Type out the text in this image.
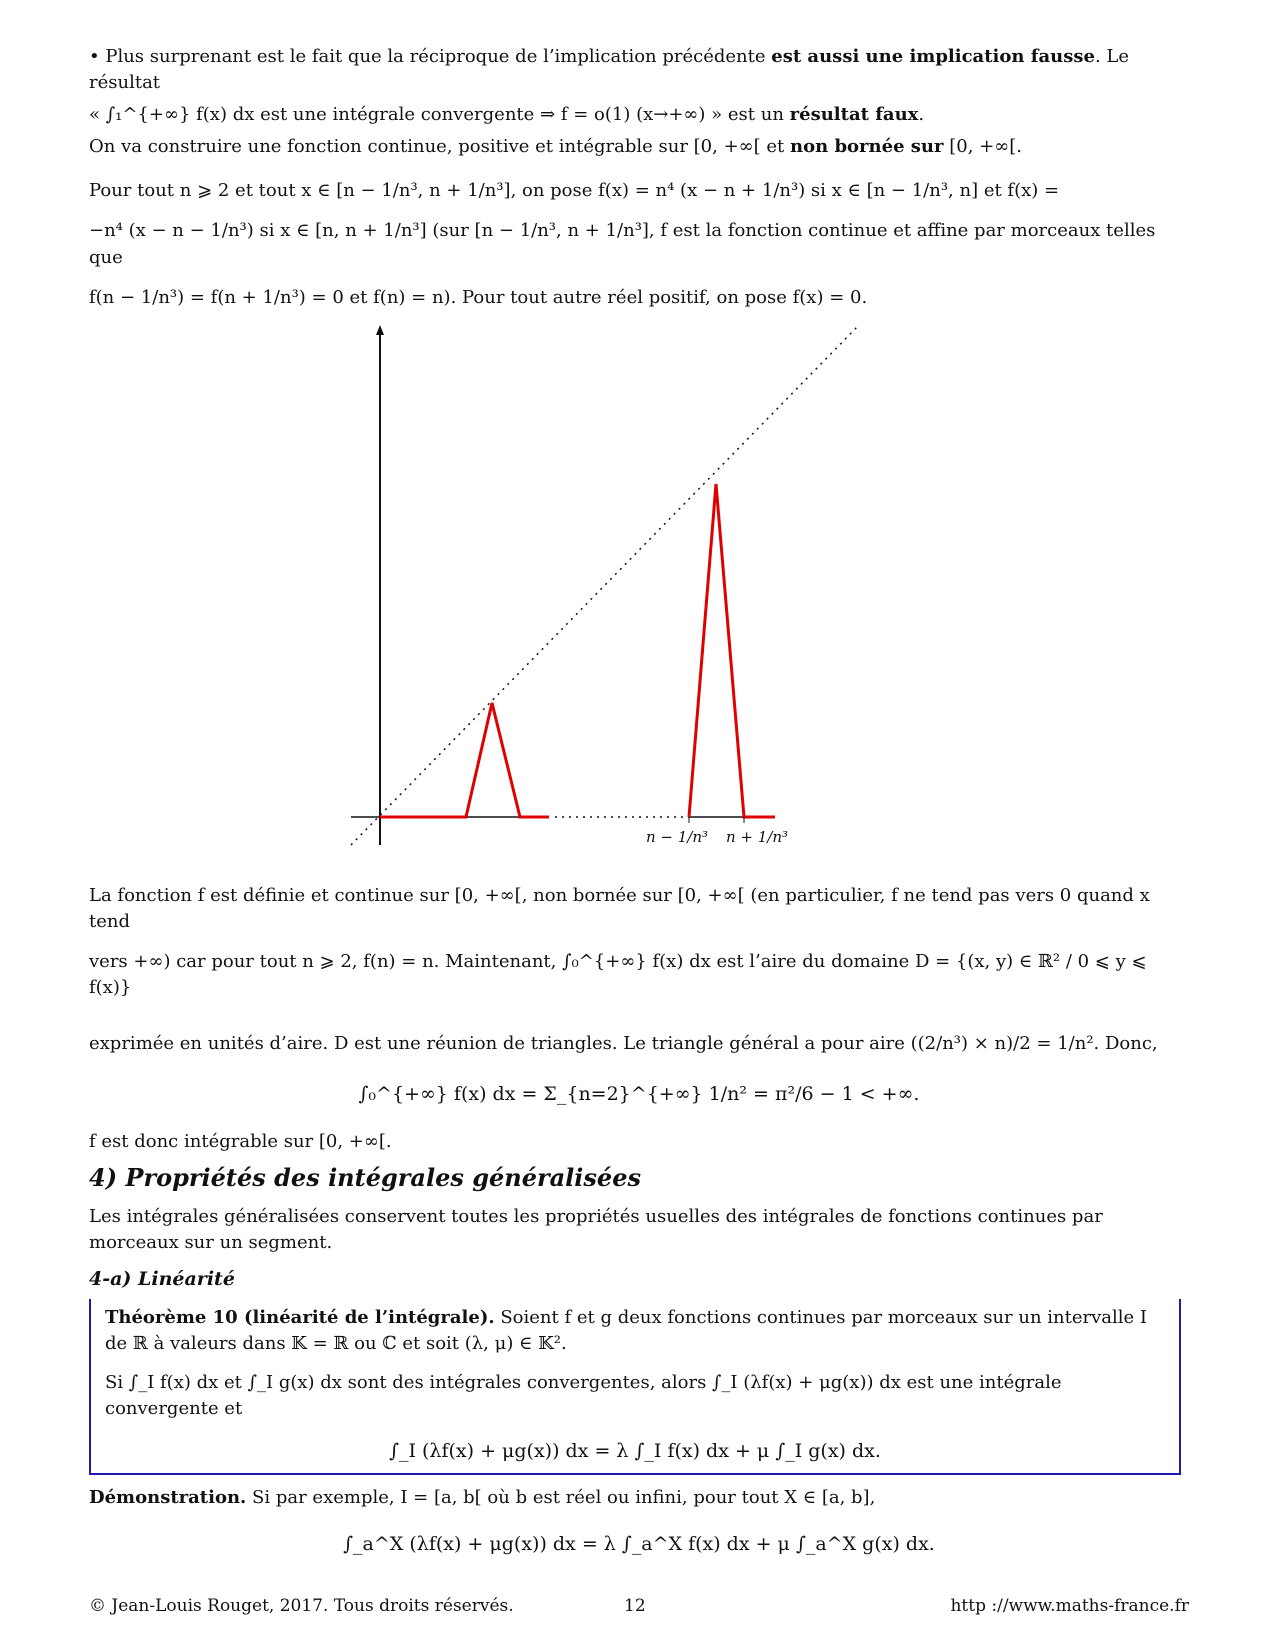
• Plus surprenant est le fait que la réciproque de l’implication précédente est aussi une implication fausse. Le résultat

« ∫₁^{+∞} f(x) dx est une intégrale convergente ⇒ f = o(1) (x→+∞) » est un résultat faux.

On va construire une fonction continue, positive et intégrable sur [0, +∞[ et non bornée sur [0, +∞[.

Pour tout n ⩾ 2 et tout x ∈ [n − 1/n³, n + 1/n³], on pose f(x) = n⁴ (x − n + 1/n³) si x ∈ [n − 1/n³, n] et f(x) =

−n⁴ (x − n − 1/n³) si x ∈ [n, n + 1/n³] (sur [n − 1/n³, n + 1/n³], f est la fonction continue et affine par morceaux telles que

f(n − 1/n³) = f(n + 1/n³) = 0 et f(n) = n). Pour tout autre réel positif, on pose f(x) = 0.

n − 1/n³ n + 1/n³

La fonction f est définie et continue sur [0, +∞[, non bornée sur [0, +∞[ (en particulier, f ne tend pas vers 0 quand x tend

vers +∞) car pour tout n ⩾ 2, f(n) = n. Maintenant, ∫₀^{+∞} f(x) dx est l’aire du domaine D = {(x, y) ∈ ℝ² / 0 ⩽ y ⩽ f(x)}

exprimée en unités d’aire. D est une réunion de triangles. Le triangle général a pour aire ((2/n³) × n)/2 = 1/n². Donc,

∫₀^{+∞} f(x) dx = Σ_{n=2}^{+∞} 1/n² = π²/6 − 1 < +∞.

f est donc intégrable sur [0, +∞[.

4) Propriétés des intégrales généralisées

Les intégrales généralisées conservent toutes les propriétés usuelles des intégrales de fonctions continues par morceaux sur un segment.

4-a) Linéarité

Théorème 10 (linéarité de l’intégrale). Soient f et g deux fonctions continues par morceaux sur un intervalle I de ℝ à valeurs dans 𝕂 = ℝ ou ℂ et soit (λ, μ) ∈ 𝕂².

Si ∫_I f(x) dx et ∫_I g(x) dx sont des intégrales convergentes, alors ∫_I (λf(x) + μg(x)) dx est une intégrale convergente et

∫_I (λf(x) + μg(x)) dx = λ ∫_I f(x) dx + μ ∫_I g(x) dx.

Démonstration. Si par exemple, I = [a, b[ où b est réel ou infini, pour tout X ∈ [a, b],

∫_a^X (λf(x) + μg(x)) dx = λ ∫_a^X f(x) dx + μ ∫_a^X g(x) dx.

© Jean-Louis Rouget, 2017. Tous droits réservés.	12	http ://www.maths-france.fr
